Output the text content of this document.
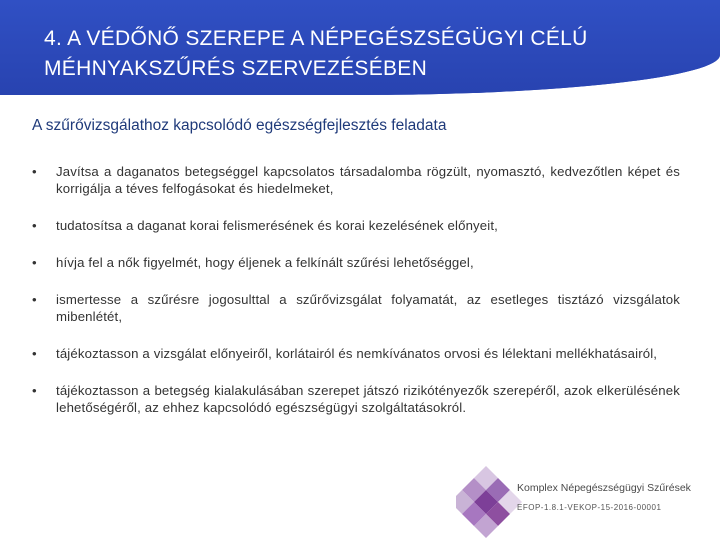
4. A VÉDŐNŐ SZEREPE A NÉPEGÉSZSÉGÜGYI CÉLÚ
MÉHNYAKSZŰRÉS SZERVEZÉSÉBEN

A szűrővizsgálathoz kapcsolódó egészségfejlesztés feladata

• Javítsa a daganatos betegséggel kapcsolatos társadalomba rögzült, nyomasztó, kedvezőtlen képet és korrigálja a téves felfogásokat és hiedelmeket,
• tudatosítsa a daganat korai felismerésének és korai kezelésének előnyeit,
• hívja fel a nők figyelmét, hogy éljenek a felkínált szűrési lehetőséggel,
• ismertesse a szűrésre jogosulttal a szűrővizsgálat folyamatát, az esetleges tisztázó vizsgálatok mibenlétét,
• tájékoztasson a vizsgálat előnyeiről, korlátairól és nemkívánatos orvosi és lélektani mellékhatásairól,
• tájékoztasson a betegség kialakulásában szerepet játszó rizikótényezők szerepéről, azok elkerülésének lehetőségéről, az ehhez kapcsolódó egészségügyi szolgáltatásokról.
Komplex Népegészségügyi Szűrések
EFOP-1.8.1-VEKOP-15-2016-00001
